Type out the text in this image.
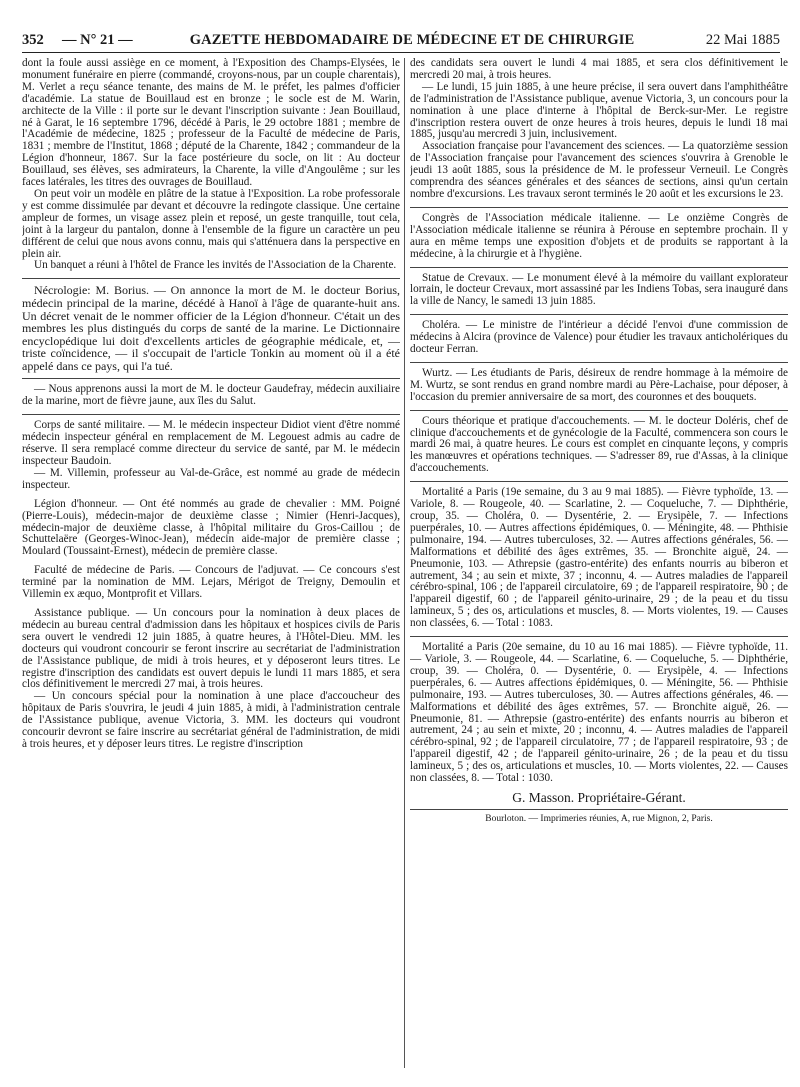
352	— N° 21 —	GAZETTE HEBDOMADAIRE DE MÉDECINE ET DE CHIRURGIE	22 Mai 1885

dont la foule aussi assiège en ce moment, à l'Exposition des Champs-Elysées, le monument funéraire en pierre (commandé, croyons-nous, par un couple charentais), M. Verlet a reçu séance tenante, des mains de M. le préfet, les palmes d'officier d'académie. La statue de Bouillaud est en bronze ; le socle est de M. Warin, architecte de la Ville : il porte sur le devant l'inscription suivante : Jean Bouillaud, né à Garat, le 16 septembre 1796, décédé à Paris, le 29 octobre 1881 ; membre de l'Académie de médecine, 1825 ; professeur de la Faculté de médecine de Paris, 1831 ; membre de l'Institut, 1868 ; député de la Charente, 1842 ; commandeur de la Légion d'honneur, 1867. Sur la face postérieure du socle, on lit : Au docteur Bouillaud, ses élèves, ses admirateurs, la Charente, la ville d'Angoulême ; sur les faces latérales, les titres des ouvrages de Bouillaud.

On peut voir un modèle en plâtre de la statue à l'Exposition. La robe professorale y est comme dissimulée par devant et découvre la redingote classique. Une certaine ampleur de formes, un visage assez plein et reposé, un geste tranquille, tout cela, joint à la largeur du pantalon, donne à l'ensemble de la figure un caractère un peu différent de celui que nous avons connu, mais qui s'atténuera dans la perspective en plein air.

Un banquet a réuni à l'hôtel de France les invités de l'Association de la Charente.

Nécrologie: M. Borius. — On annonce la mort de M. le docteur Borius, médecin principal de la marine, décédé à Hanoï à l'âge de quarante-huit ans. Un décret venait de le nommer officier de la Légion d'honneur. C'était un des membres les plus distingués du corps de santé de la marine. Le Dictionnaire encyclopédique lui doit d'excellents articles de géographie médicale, et, — triste coïncidence, — il s'occupait de l'article Tonkin au moment où il a été appelé dans ce pays, qui l'a tué.

— Nous apprenons aussi la mort de M. le docteur Gaudefray, médecin auxiliaire de la marine, mort de fièvre jaune, aux îles du Salut.

Corps de santé militaire. — M. le médecin inspecteur Didiot vient d'être nommé médecin inspecteur général en remplacement de M. Legouest admis au cadre de réserve. Il sera remplacé comme directeur du service de santé, par M. le médecin inspecteur Baudoin.

— M. Villemin, professeur au Val-de-Grâce, est nommé au grade de médecin inspecteur.

Légion d'honneur. — Ont été nommés au grade de chevalier : MM. Poigné (Pierre-Louis), médecin-major de deuxième classe ; Nimier (Henri-Jacques), médecin-major de deuxième classe, à l'hôpital militaire du Gros-Caillou ; de Schuttelaëre (Georges-Winoc-Jean), médecin aide-major de première classe ; Moulard (Toussaint-Ernest), médecin de première classe.

Faculté de médecine de Paris. — Concours de l'adjuvat. — Ce concours s'est terminé par la nomination de MM. Lejars, Mérigot de Treigny, Demoulin et Villemin ex æquo, Montprofit et Villars.

Assistance publique. — Un concours pour la nomination à deux places de médecin au bureau central d'admission dans les hôpitaux et hospices civils de Paris sera ouvert le vendredi 12 juin 1885, à quatre heures, à l'Hôtel-Dieu. MM. les docteurs qui voudront concourir se feront inscrire au secrétariat de l'administration de l'Assistance publique, de midi à trois heures, et y déposeront leurs titres. Le registre d'inscription des candidats est ouvert depuis le lundi 11 mars 1885, et sera clos définitivement le mercredi 27 mai, à trois heures.

— Un concours spécial pour la nomination à une place d'accoucheur des hôpitaux de Paris s'ouvrira, le jeudi 4 juin 1885, à midi, à l'administration centrale de l'Assistance publique, avenue Victoria, 3. MM. les docteurs qui voudront concourir devront se faire inscrire au secrétariat général de l'administration, de midi à trois heures, et y déposer leurs titres. Le registre d'inscription

des candidats sera ouvert le lundi 4 mai 1885, et sera clos définitivement le mercredi 20 mai, à trois heures.

— Le lundi, 15 juin 1885, à une heure précise, il sera ouvert dans l'amphithéâtre de l'administration de l'Assistance publique, avenue Victoria, 3, un concours pour la nomination à une place d'interne à l'hôpital de Berck-sur-Mer. Le registre d'inscription restera ouvert de onze heures à trois heures, depuis le lundi 18 mai 1885, jusqu'au mercredi 3 juin, inclusivement.

Association française pour l'avancement des sciences. — La quatorzième session de l'Association française pour l'avancement des sciences s'ouvrira à Grenoble le jeudi 13 août 1885, sous la présidence de M. le professeur Verneuil. Le Congrès comprendra des séances générales et des séances de sections, ainsi qu'un certain nombre d'excursions. Les travaux seront terminés le 20 août et les excursions le 23.

Congrès de l'Association médicale italienne. — Le onzième Congrès de l'Association médicale italienne se réunira à Pérouse en septembre prochain. Il y aura en même temps une exposition d'objets et de produits se rapportant à la médecine, à la chirurgie et à l'hygiène.

Statue de Crevaux. — Le monument élevé à la mémoire du vaillant explorateur lorrain, le docteur Crevaux, mort assassiné par les Indiens Tobas, sera inauguré dans la ville de Nancy, le samedi 13 juin 1885.

Choléra. — Le ministre de l'intérieur a décidé l'envoi d'une commission de médecins à Alcira (province de Valence) pour étudier les travaux anticholériques du docteur Ferran.

Wurtz. — Les étudiants de Paris, désireux de rendre hommage à la mémoire de M. Wurtz, se sont rendus en grand nombre mardi au Père-Lachaise, pour déposer, à l'occasion du premier anniversaire de sa mort, des couronnes et des bouquets.

Cours théorique et pratique d'accouchements. — M. le docteur Doléris, chef de clinique d'accouchements et de gynécologie de la Faculté, commencera son cours le mardi 26 mai, à quatre heures. Le cours est complet en cinquante leçons, y compris les manœuvres et opérations techniques. — S'adresser 89, rue d'Assas, à la clinique d'accouchements.

Mortalité a Paris (19e semaine, du 3 au 9 mai 1885). — Fièvre typhoïde, 13. — Variole, 8. — Rougeole, 40. — Scarlatine, 2. — Coqueluche, 7. — Diphthérie, croup, 35. — Choléra, 0. — Dysentérie, 2. — Erysipèle, 7. — Infections puerpérales, 10. — Autres affections épidémiques, 0. — Méningite, 48. — Phthisie pulmonaire, 194. — Autres tuberculoses, 32. — Autres affections générales, 56. — Malformations et débilité des âges extrêmes, 35. — Bronchite aiguë, 24. — Pneumonie, 103. — Athrepsie (gastro-entérite) des enfants nourris au biberon et autrement, 34 ; au sein et mixte, 37 ; inconnu, 4. — Autres maladies de l'appareil cérébro-spinal, 106 ; de l'appareil circulatoire, 69 ; de l'appareil respiratoire, 90 ; de l'appareil digestif, 60 ; de l'appareil génito-urinaire, 29 ; de la peau et du tissu lamineux, 5 ; des os, articulations et muscles, 8. — Morts violentes, 19. — Causes non classées, 6. — Total : 1083.

Mortalité a Paris (20e semaine, du 10 au 16 mai 1885). — Fièvre typhoïde, 11. — Variole, 3. — Rougeole, 44. — Scarlatine, 6. — Coqueluche, 5. — Diphthérie, croup, 39. — Choléra, 0. — Dysentérie, 0. — Erysipèle, 4. — Infections puerpérales, 6. — Autres affections épidémiques, 0. — Méningite, 56. — Phthisie pulmonaire, 193. — Autres tuberculoses, 30. — Autres affections générales, 46. — Malformations et débilité des âges extrêmes, 57. — Bronchite aiguë, 26. — Pneumonie, 81. — Athrepsie (gastro-entérite) des enfants nourris au biberon et autrement, 24 ; au sein et mixte, 20 ; inconnu, 4. — Autres maladies de l'appareil cérébro-spinal, 92 ; de l'appareil circulatoire, 77 ; de l'appareil respiratoire, 93 ; de l'appareil digestif, 42 ; de l'appareil génito-urinaire, 26 ; de la peau et du tissu lamineux, 5 ; des os, articulations et muscles, 10. — Morts violentes, 22. — Causes non classées, 8. — Total : 1030.

G. Masson. Propriétaire-Gérant.
Bourloton. — Imprimeries réunies, A, rue Mignon, 2, Paris.
